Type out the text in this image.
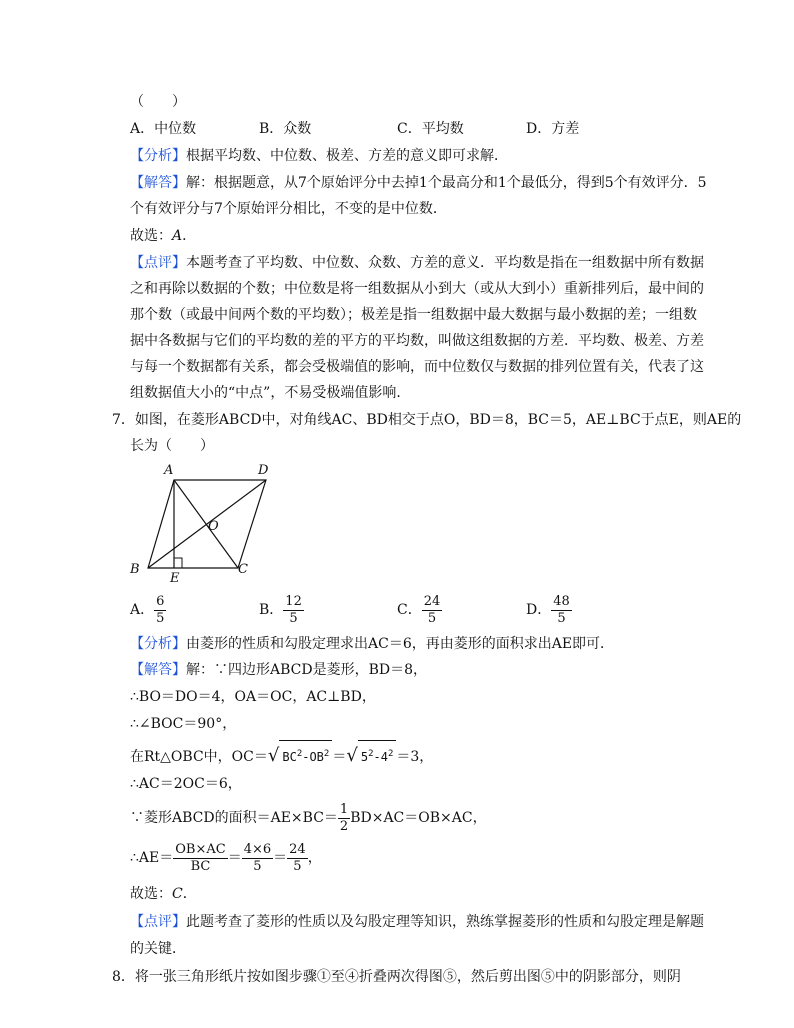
（　　）
A．中位数	B．众数	C．平均数	D．方差
【分析】根据平均数、中位数、极差、方差的意义即可求解．
【解答】解：根据题意，从7个原始评分中去掉1个最高分和1个最低分，得到5个有效评分．5
个有效评分与7个原始评分相比，不变的是中位数．
故选：A．
【点评】本题考查了平均数、中位数、众数、方差的意义．平均数是指在一组数据中所有数据
之和再除以数据的个数；中位数是将一组数据从小到大（或从大到小）重新排列后，最中间的
那个数（或最中间两个数的平均数）；极差是指一组数据中最大数据与最小数据的差；一组数
据中各数据与它们的平均数的差的平方的平均数，叫做这组数据的方差．平均数、极差、方差
与每一个数据都有关系，都会受极端值的影响，而中位数仅与数据的排列位置有关，代表了这
组数据值大小的“中点”，不易受极端值影响．
7．如图，在菱形ABCD中，对角线AC、BD相交于点O，BD＝8，BC＝5，AE⊥BC于点E，则AE的
长为（　　）
A	D
O
B
E
C
A． $\frac{6}{5}$	B． $\frac{12}{5}$	C． $\frac{24}{5}$	D． $\frac{48}{5}$
【分析】由菱形的性质和勾股定理求出AC＝6，再由菱形的面积求出AE即可．
【解答】解：∵四边形ABCD是菱形，BD＝8，
∴BO＝DO＝4，OA＝OC，AC⊥BD，
∴∠BOC＝90°，
在Rt△OBC中，OC＝√ $BC^2-OB^2$ ＝√ $5^2-4^2 =3$，
∴AC＝2OC＝6，
∵菱形ABCD的面积$=AE\times BC= \frac{1}{2} BD\times AC=OB\times AC$，
∴AE＝ $\frac{OB\times AC}{BC} = \frac{4\times 6}{5} = \frac{24}{5}$ ，
故选：C．
【点评】此题考查了菱形的性质以及勾股定理等知识，熟练掌握菱形的性质和勾股定理是解题
的关键．
8．将一张三角形纸片按如图步骤①至④折叠两次得图⑤，然后剪出图⑤中的阴影部分，则阴
